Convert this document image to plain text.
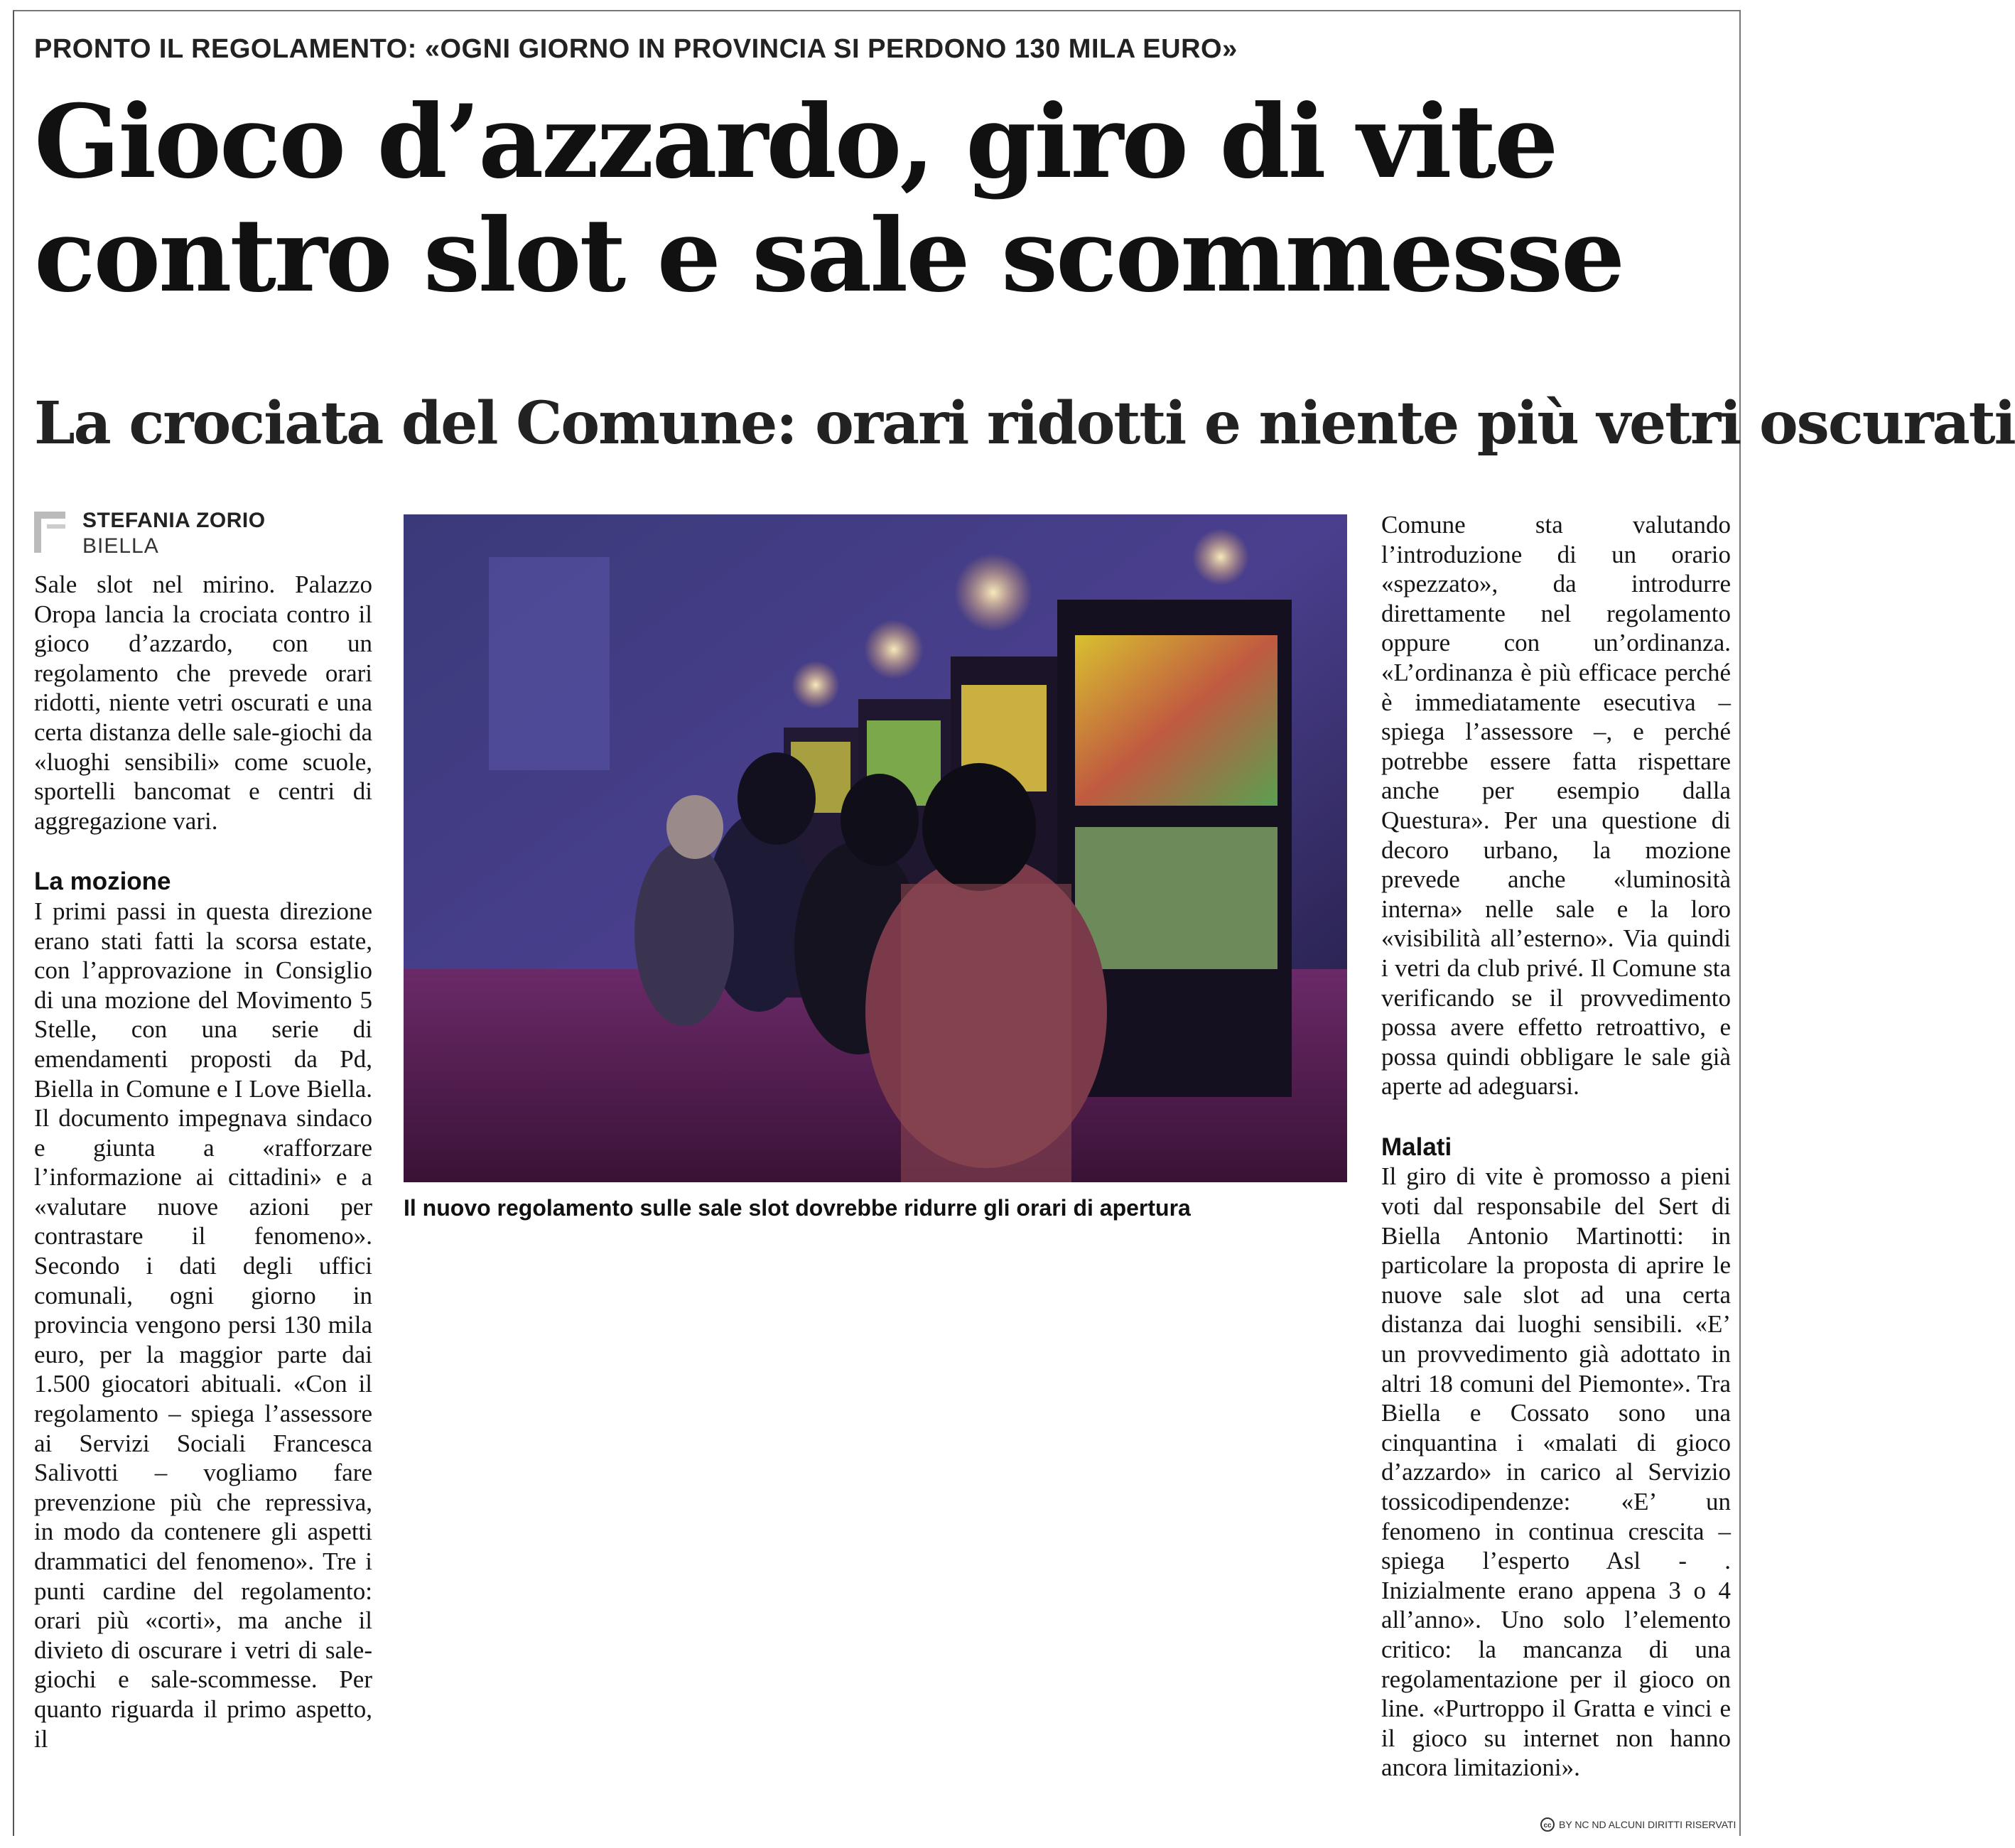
PRONTO IL REGOLAMENTO: «OGNI GIORNO IN PROVINCIA SI PERDONO 130 MILA EURO»
Gioco d’azzardo, giro di vite contro slot e sale scommesse
La crociata del Comune: orari ridotti e niente più vetri oscurati
STEFANIA ZORIO
BIELLA

Sale slot nel mirino. Palazzo Oropa lancia la crociata contro il gioco d’azzardo, con un regolamento che prevede orari ridotti, niente vetri oscurati e una certa distanza delle sale-giochi da «luoghi sensibili» come scuole, sportelli bancomat e centri di aggregazione vari.

La mozione

I primi passi in questa direzione erano stati fatti la scorsa estate, con l’approvazione in Consiglio di una mozione del Movimento 5 Stelle, con una serie di emendamenti proposti da Pd, Biella in Comune e I Love Biella. Il documento impegnava sindaco e giunta a «rafforzare l’informazione ai cittadini» e a «valutare nuove azioni per contrastare il fenomeno». Secondo i dati degli uffici comunali, ogni giorno in provincia vengono persi 130 mila euro, per la maggior parte dai 1.500 giocatori abituali. «Con il regolamento – spiega l’assessore ai Servizi Sociali Francesca Salivotti – vogliamo fare prevenzione più che repressiva, in modo da contenere gli aspetti drammatici del fenomeno». Tre i punti cardine del regolamento: orari più «corti», ma anche il divieto di oscurare i vetri di sale-giochi e sale-scommesse. Per quanto riguarda il primo aspetto, il

Il nuovo regolamento sulle sale slot dovrebbe ridurre gli orari di apertura

Comune sta valutando l’introduzione di un orario «spezzato», da introdurre direttamente nel regolamento oppure con un’ordinanza. «L’ordinanza è più efficace perché è immediatamente esecutiva – spiega l’assessore –, e perché potrebbe essere fatta rispettare anche per esempio dalla Questura». Per una questione di decoro urbano, la mozione prevede anche «luminosità interna» nelle sale e la loro «visibilità all’esterno». Via quindi i vetri da club privé. Il Comune sta verificando se il provvedimento possa avere effetto retroattivo, e possa quindi obbligare le sale già aperte ad adeguarsi.

Malati

Il giro di vite è promosso a pieni voti dal responsabile del Sert di Biella Antonio Martinotti: in particolare la proposta di aprire le nuove sale slot ad una certa distanza dai luoghi sensibili. «E’ un provvedimento già adottato in altri 18 comuni del Piemonte». Tra Biella e Cossato sono una cinquantina i «malati di gioco d’azzardo» in carico al Servizio tossicodipendenze: «E’ un fenomeno in continua crescita – spiega l’esperto Asl - . Inizialmente erano appena 3 o 4 all’anno». Uno solo l’elemento critico: la mancanza di una regolamentazione per il gioco on line. «Purtroppo il Gratta e vinci e il gioco su internet non hanno ancora limitazioni».

cc BY NC ND ALCUNI DIRITTI RISERVATI
